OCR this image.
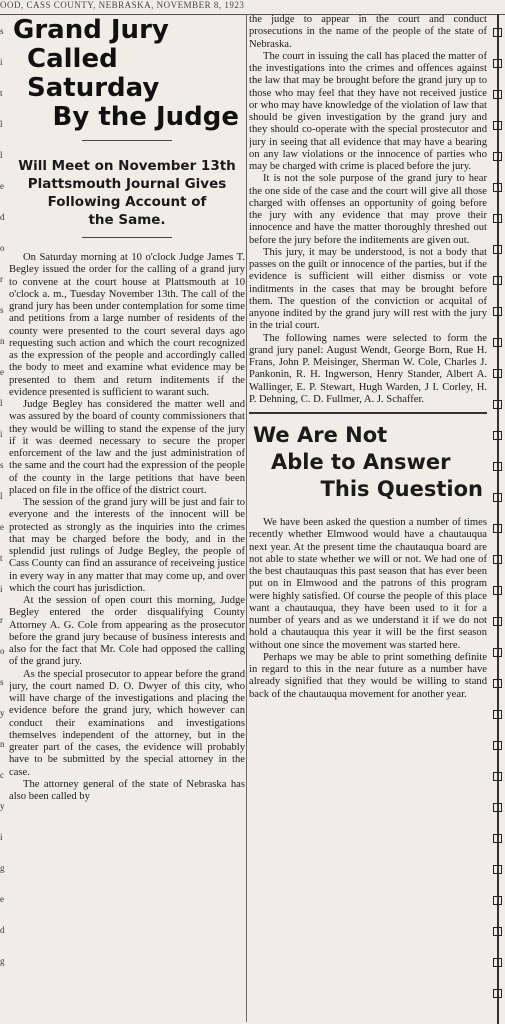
OOD, CASS COUNTY, NEBRASKA, NOVEMBER 8, 1923
s
i
t
l
l
e
d
o
r
s
n
e
l
i
s
l
e
t
i
r
o
s
y
n
c
y
i
g
e
d
g
Grand Jury
Called Saturday
By the Judge
Will Meet on November 13th
Plattsmouth Journal Gives
Following Account of
the Same.

On Saturday morning at 10 o'clock Judge James T. Begley issued the order for the calling of a grand jury to convene at the court house at Plattsmouth at 10 o'clock a. m., Tuesday November 13th. The call of the grand jury has been under contemplation for some time and petitions from a large number of residents of the county were presented to the court several days ago requesting such action and which the court recognized as the expression of the people and accordingly called the body to meet and examine what evidence may be presented to them and return inditements if the evidence presented is sufficient to warant such.

Judge Begley has considered the matter well and was assured by the board of county commissioners that they would be willing to stand the expense of the jury if it was deemed necessary to secure the proper enforcement of the law and the just administration of the same and the court had the expression of the people of the county in the large petitions that have been placed on file in the office of the district court.

The session of the grand jury will be just and fair to everyone and the interests of the innocent will be protected as strongly as the inquiries into the crimes that may be charged before the body, and in the splendid just rulings of Judge Begley, the people of Cass County can find an assurance of receiveing justice in every way in any matter that may come up, and over which the court has jurisdiction.

At the session of open court this morning, Judge Begley entered the order disqualifying County Attorney A. G. Cole from appearing as the prosecutor before the grand jury because of business interests and also for the fact that Mr. Cole had opposed the calling of the grand jury.

As the special prosecutor to appear before the grand jury, the court named D. O. Dwyer of this city, who will have charge of the investigations and placing the evidence before the grand jury, which however can conduct their examinations and investigations themselves independent of the attorney, but in the greater part of the cases, the evidence will probably have to be submitted by the special attorney in the case.

The attorney general of the state of Nebraska has also been called by

the judge to appear in the court and conduct prosecutions in the name of the people of the state of Nebraska.

The court in issuing the call has placed the matter of the investigations into the crimes and offences against the law that may be brought before the grand jury up to those who may feel that they have not received justice or who may have knowledge of the violation of law that should be given investigation by the grand jury and they should co-operate with the special prostecutor and jury in seeing that all evidence that may have a bearing on any law violations or the innocence of parties who may be charged with crime is placed before the jury.

It is not the sole purpose of the grand jury to hear the one side of the case and the court will give all those charged with offenses an opportunity of going before the jury with any evidence that may prove their innocence and have the matter thoroughly threshed out before the jury before the inditements are given out.

This jury, it may be understood, is not a body that passes on the guilt or innocence of the parties, but if the evidence is sufficient will either dismiss or vote inditments in the cases that may be brought before them. The question of the conviction or acquital of anyone indited by the grand jury will rest with the jury in the trial court.

The following names were selected to form the grand jury panel: August Wendt, George Born, Rue H. Frans, John P. Meisinger, Sherman W. Cole, Charles J. Pankonin, R. H. Ingwerson, Henry Stander, Albert A. Wallinger, E. P. Stewart, Hugh Warden, J I. Corley, H. P. Dehning, C. D. Fullmer, A. J. Schaffer.

We Are Not
Able to Answer
This Question

We have been asked the question a number of times recently whether Elmwood would have a chautauqua next year. At the present time the chautauqua board are not able to state whether we will or not. We had one of the best chautauquas this past season that has ever been put on in Elmwood and the patrons of this program were highly satisfied. Of course the people of this place want a chautauqua, they have been used to it for a number of years and as we understand it if we do not hold a chautauqua this year it will be the first season without one since the movement was started here.

Perhaps we may be able to print something definite in regard to this in the near future as a number have already signified that they would be willing to stand back of the chautauqua movement for another year.
